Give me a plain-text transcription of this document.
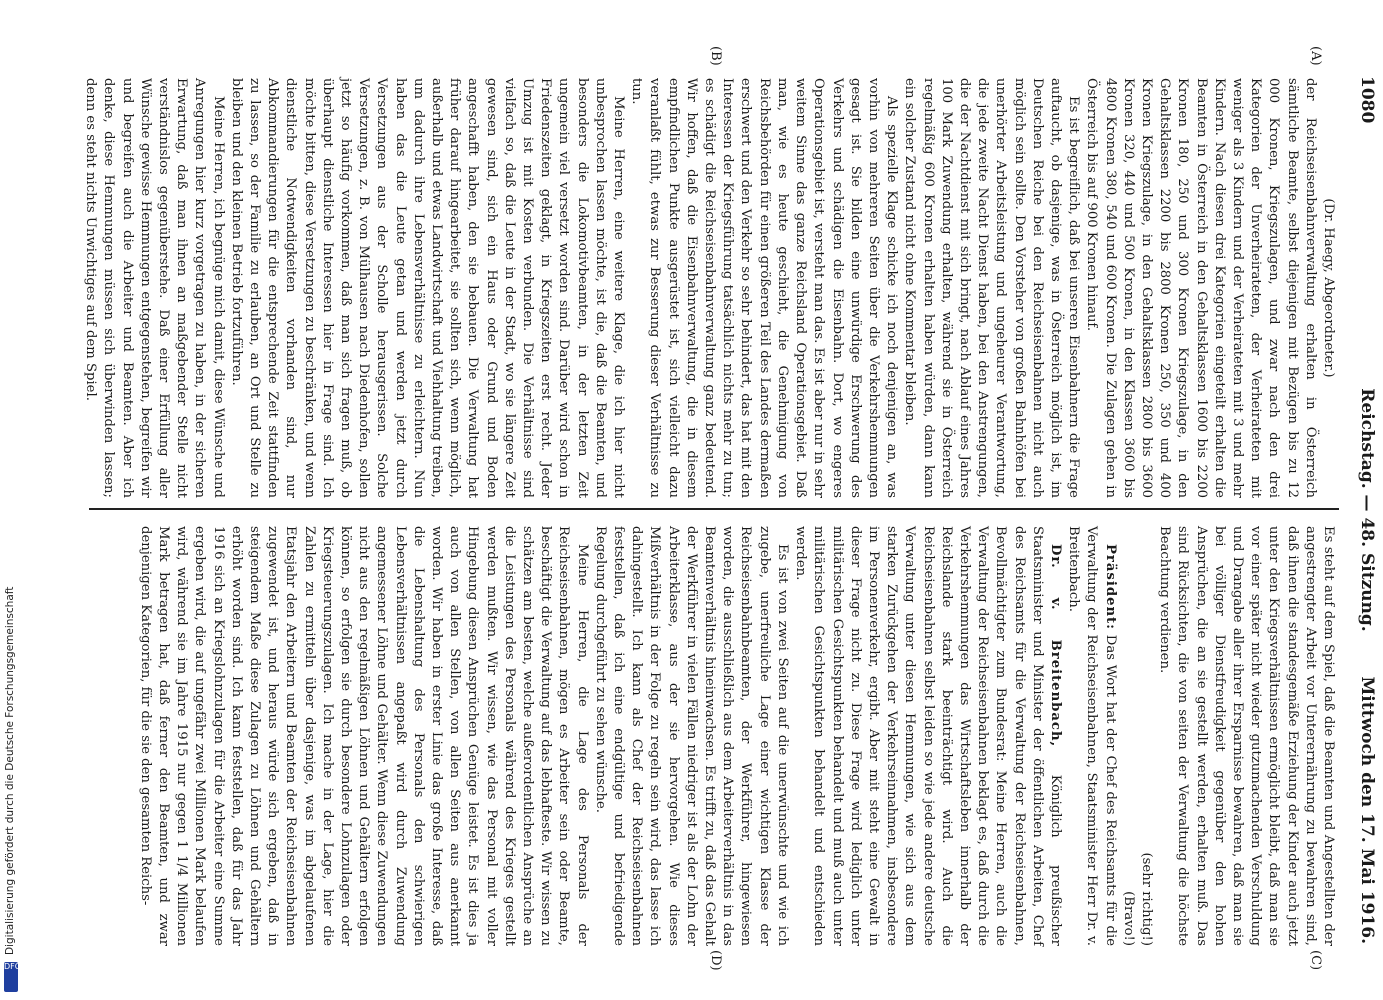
1080
Reichstag. — 48. Sitzung.
Mittwoch den 17. Mai 1916.
(A)
(B)
(C)
(D)

(Dr. Haegy, Abgeordneter.)

der Reichseisenbahnverwaltung erhalten in Österreich sämtliche Beamte, selbst diejenigen mit Bezügen bis zu 12 000 Kronen, Kriegszulagen, und zwar nach den drei Kategorien der Unverheirateten, der Verheirateten mit weniger als 3 Kindern und der Verheirateten mit 3 und mehr Kindern. Nach diesen drei Kategorien eingeteilt erhalten die Beamten in Österreich in den Gehaltsklassen 1600 bis 2200 Kronen 180, 250 und 300 Kronen Kriegszulage, in den Gehaltsklassen 2200 bis 2800 Kronen 250, 350 und 400 Kronen Kriegszulage, in den Gehaltsklassen 2800 bis 3600 Kronen 320, 440 und 500 Kronen, in den Klassen 3600 bis 4800 Kronen 380, 540 und 600 Kronen. Die Zulagen gehen in Österreich bis auf 900 Kronen hinauf.

Es ist begreiflich, daß bei unseren Eisenbahnern die Frage auftaucht, ob dasjenige, was in Österreich möglich ist, im Deutschen Reiche bei den Reichseisenbahnen nicht auch möglich sein sollte. Den Vorsteher von großen Bahnhöfen bei unerhörter Arbeitsleistung und ungeheurer Verantwortung, die jede zweite Nacht Dienst haben, bei den Anstrengungen, die der Nachtdienst mit sich bringt, nach Ablauf eines Jahres 100 Mark Zuwendung erhalten, während sie in Österreich regelmäßig 600 Kronen erhalten haben würden, dann kann ein solcher Zustand nicht ohne Kommentar bleiben.

Als spezielle Klage schicke ich noch denjenigen an, was vorhin von mehreren Seiten über die Verkehrshemmungen gesagt ist. Sie bilden eine unwürdige Erschwerung des Verkehrs und schädigen die Eisenbahn. Dort, wo engeres Operationsgebiet ist, versteht man das. Es ist aber nur in sehr weitem Sinne das ganze Reichsland Operationsgebiet. Daß man, wie es heute geschieht, die Genehmigung von Reichsbehörden für einen größeren Teil des Landes dermaßen erschwert und den Verkehr so sehr behindert, das hat mit den Interessen der Kriegsführung tatsächlich nichts mehr zu tun; es schädigt die Reichseisenbahnverwaltung ganz bedeutend. Wir hoffen, daß die Eisenbahnverwaltung, die in diesem empfindlichen Punkte ausgerüstet ist, sich vielleicht dazu veranlaßt fühlt, etwas zur Besserung dieser Verhältnisse zu tun.

Meine Herren, eine weitere Klage, die ich hier nicht unbesprochen lassen möchte, ist die, daß die Beamten, und besonders die Lokomotivbeamten, in der letzten Zeit ungemein viel versetzt worden sind. Darüber wird schon in Friedenszeiten geklagt, in Kriegszeiten erst recht. Jeder Umzug ist mit Kosten verbunden. Die Verhältnisse sind vielfach so, daß die Leute in der Stadt, wo sie längere Zeit gewesen sind, sich ein Haus oder Grund und Boden angeschafft haben, den sie bebauen. Die Verwaltung hat früher darauf hingearbeitet, sie sollten sich, wenn möglich, außerhalb und etwas Landwirtschaft und Viehhaltung treiben, um dadurch ihre Lebensverhältnisse zu erleichtern. Nun haben das die Leute getan und werden jetzt durch Versetzungen aus der Scholle herausgerissen. Solche Versetzungen, z. B. von Mülhausen nach Diedenhofen, sollen jetzt so häufig vorkommen, daß man sich fragen muß, ob überhaupt dienstliche Interessen hier in Frage sind. Ich möchte bitten, diese Versetzungen zu beschränken, und wenn dienstliche Notwendigkeiten vorhanden sind, nur Abkommandierungen für die entsprechende Zeit stattfinden zu lassen, so der Familie zu erlauben, an Ort und Stelle zu bleiben und den kleinen Betrieb fortzuführen.

Meine Herren, ich begnüge mich damit, diese Wünsche und Anregungen hier kurz vorgetragen zu haben, in der sicheren Erwartung, daß man ihnen an maßgebender Stelle nicht verständnislos gegenüberstehe. Daß einer Erfüllung aller Wünsche gewisse Hemmungen entgegenstehen, begreifen wir und begreifen auch die Arbeiter und Beamten. Aber ich denke, diese Hemmungen müssen sich überwinden lassen; denn es steht nichts Unwichtiges auf dem Spiel.

Es steht auf dem Spiel, daß die Beamten und Angestellten der angestrengter Arbeit vor Unterernährung zu bewahren sind, daß ihnen die standesgemäße Erziehung der Kinder auch jetzt unter den Kriegsverhältnissen ermöglicht bleibt, daß man sie vor einer später nicht wieder gutzumachenden Verschuldung und Drangabe aller ihrer Ersparnisse bewahren, daß man sie bei völliger Dienstfreudigkeit gegenüber den hohen Ansprüchen, die an sie gestellt werden, erhalten muß. Das sind Rücksichten, die von seiten der Verwaltung die höchste Beachtung verdienen.

(sehr richtig!)

(Bravo!)

Präsident: Das Wort hat der Chef des Reichsamts für die Verwaltung der Reichseisenbahnen, Staatsminister Herr Dr. v. Breitenbach.

Dr. v. Breitenbach, Königlich preußischer Staatsminister und Minister der öffentlichen Arbeiten, Chef des Reichsamts für die Verwaltung der Reichseisenbahnen, Bevollmächtigter zum Bundesrat: Meine Herren, auch die Verwaltung der Reichseisenbahnen beklagt es, daß durch die Verkehrshemmungen das Wirtschaftsleben innerhalb der Reichslande stark beeinträchtigt wird. Auch die Reichseisenbahnen selbst leiden so wie jede andere deutsche Verwaltung unter diesen Hemmungen, wie sich aus dem starken Zurückgehen der Verkehrseinnahmen, insbesondere im Personenverkehr, ergibt. Aber mit steht eine Gewalt in dieser Frage nicht zu. Diese Frage wird lediglich unter militärischen Gesichtspunkten behandelt und muß auch unter militärischen Gesichtspunkten behandelt und entschieden werden.

Es ist von zwei Seiten auf die unerwünschte und wie ich zugebe, unerfreuliche Lage einer wichtigen Klasse der Reichseisenbahnbeamten, der Werkführer, hingewiesen worden, die ausschließlich aus dem Arbeiterverhältnis in das Beamtenverhältnis hineinwachsen. Es trifft zu, daß das Gehalt der Werkführer in vielen Fällen niedriger ist als der Lohn der Arbeiterklasse, aus der sie hervorgehen. Wie dieses Mißverhältnis in der Folge zu regeln sein wird, das lasse ich dahingestellt. Ich kann als Chef der Reichseisenbahnen feststellen, daß ich eine endgültige und befriedigende Regelung durchgeführt zu sehen wünsche.

Meine Herren, die Lage des Personals der Reichseisenbahnen, mögen es Arbeiter sein oder Beamte, beschäftigt die Verwaltung auf das lebhafteste. Wir wissen zu schätzen am besten, welche außerordentlichen Ansprüche an die Leistungen des Personals während des Krieges gestellt werden mußten. Wir wissen, wie das Personal mit voller Hingebung diesen Ansprüchen Genüge leistet. Es ist dies ja auch von allen Stellen, von allen Seiten aus anerkannt worden. Wir haben in erster Linie das große Interesse, daß die Lebenshaltung des Personals den schwierigen Lebensverhältnissen angepaßt wird durch Zuwendung angemessener Löhne und Gehälter. Wenn diese Zuwendungen nicht aus den regelmäßigen Löhnen und Gehältern erfolgen können, so erfolgen sie durch besondere Lohnzulagen oder Kriegsteuerungszulagen. Ich mache in der Lage, hier die Zahlen zu ermitteln über dasjenige, was im abgelaufenen Etatsjahr den Arbeitern und Beamten der Reichseisenbahnen zugewendet ist, und heraus würde sich ergeben, daß in steigendem Maße diese Zulagen zu Löhnen und Gehältern erhöht worden sind. Ich kann feststellen, daß für das Jahr 1916 sich an Kriegslohnzulagen für die Arbeiter eine Summe ergeben wird, die auf ungefähr zwei Millionen Mark belaufen wird, während sie im Jahre 1915 nur gegen 1 1/4 Millionen Mark betragen hat, daß ferner den Beamten, und zwar denjenigen Kategorien, für die sie den gesamten Reichs-

DFG
Digitalisierung gefördert durch die Deutsche Forschungsgemeinschaft
